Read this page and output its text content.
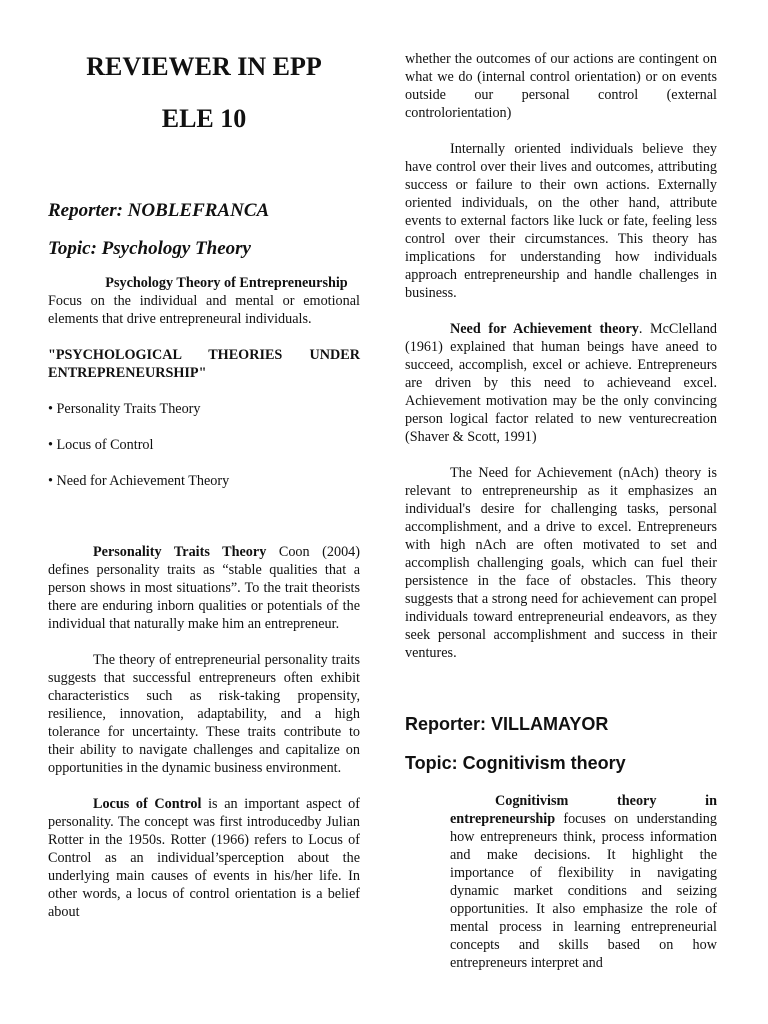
REVIEWER IN EPP
ELE 10

Reporter: NOBLEFRANCA

Topic: Psychology Theory

Psychology Theory of Entrepreneurship

Focus on the individual and mental or emotional elements that drive entrepreneural individuals.

"PSYCHOLOGICAL THEORIES UNDER ENTREPRENEURSHIP"

• Personality Traits Theory

• Locus of Control

• Need for Achievement Theory

Personality Traits Theory Coon (2004) defines personality traits as “stable qualities that a person shows in most situations”. To the trait theorists there are enduring inborn qualities or potentials of the individual that naturally make him an entrepreneur.

The theory of entrepreneurial personality traits suggests that successful entrepreneurs often exhibit characteristics such as risk-taking propensity, resilience, innovation, adaptability, and a high tolerance for uncertainty. These traits contribute to their ability to navigate challenges and capitalize on opportunities in the dynamic business environment.

Locus of Control is an important aspect of personality. The concept was first introducedby Julian Rotter in the 1950s. Rotter (1966) refers to Locus of Control as an individual’sperception about the underlying main causes of events in his/her life. In other words, a locus of control orientation is a belief about

whether the outcomes of our actions are contingent on what we do (internal control orientation) or on events outside our personal control (external controlorientation)

Internally oriented individuals believe they have control over their lives and outcomes, attributing success or failure to their own actions. Externally oriented individuals, on the other hand, attribute events to external factors like luck or fate, feeling less control over their circumstances. This theory has implications for understanding how individuals approach entrepreneurship and handle challenges in business.

Need for Achievement theory. McClelland (1961) explained that human beings have aneed to succeed, accomplish, excel or achieve. Entrepreneurs are driven by this need to achieveand excel. Achievement motivation may be the only convincing person logical factor related to new venturecreation (Shaver & Scott, 1991)

The Need for Achievement (nAch) theory is relevant to entrepreneurship as it emphasizes an individual's desire for challenging tasks, personal accomplishment, and a drive to excel. Entrepreneurs with high nAch are often motivated to set and accomplish challenging goals, which can fuel their persistence in the face of obstacles. This theory suggests that a strong need for achievement can propel individuals toward entrepreneurial endeavors, as they seek personal accomplishment and success in their ventures.

Reporter: VILLAMAYOR

Topic: Cognitivism theory

Cognitivism theory in entrepreneurship focuses on understanding how entrepreneurs think, process information and make decisions. It highlight the importance of flexibility in navigating dynamic market conditions and seizing opportunities. It also emphasize the role of mental process in learning entrepreneurial concepts and skills based on how entrepreneurs interpret and
